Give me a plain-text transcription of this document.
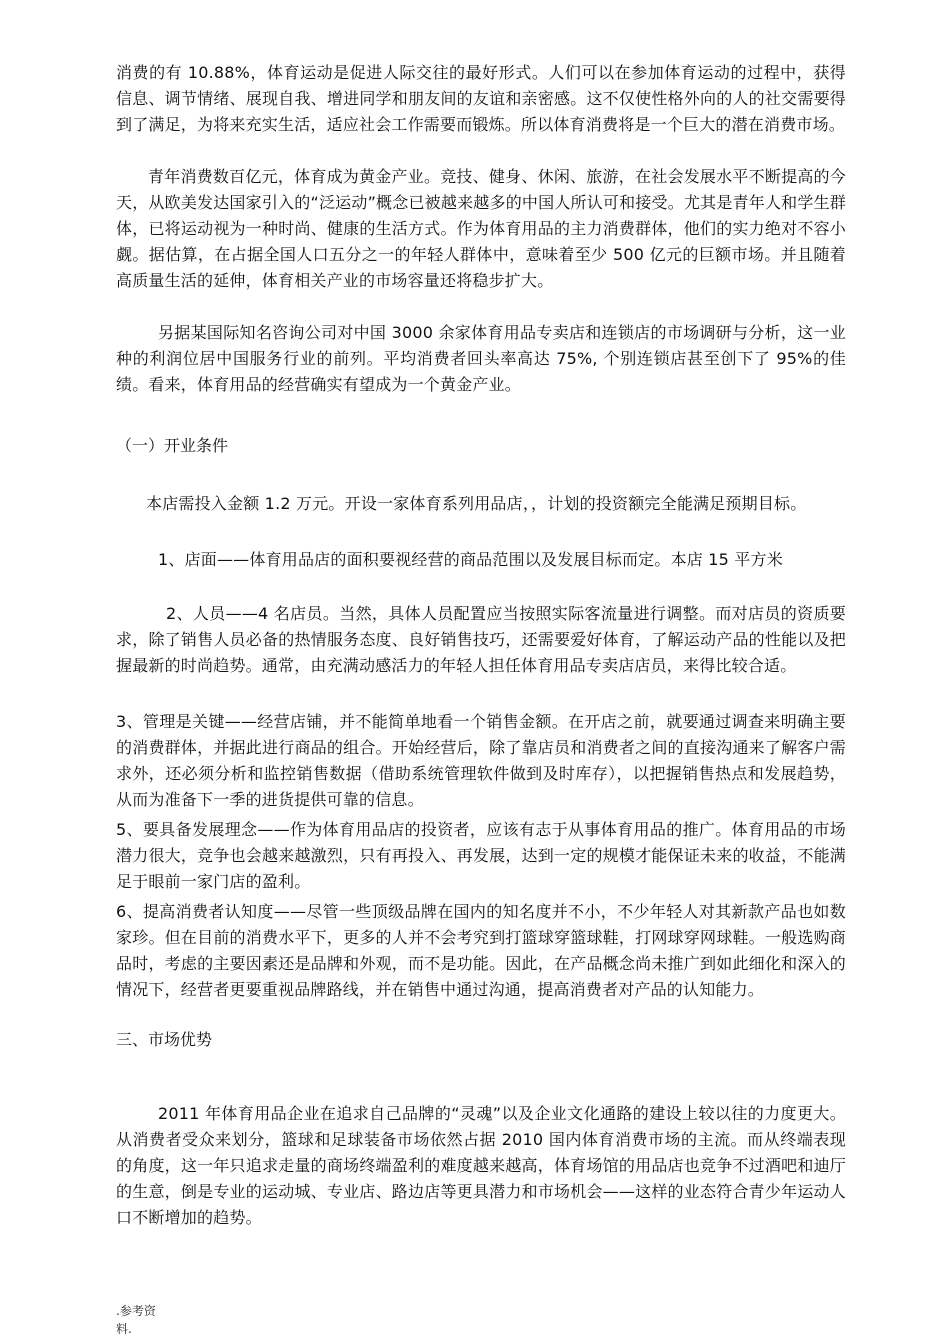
消费的有 10.88%，体育运动是促进人际交往的最好形式。人们可以在参加体育运动的过程中，获得信息、调节情绪、展现自我、增进同学和朋友间的友谊和亲密感。这不仅使性格外向的人的社交需要得到了满足，为将来充实生活，适应社会工作需要而锻炼。所以体育消费将是一个巨大的潜在消费市场。

青年消费数百亿元，体育成为黄金产业。竞技、健身、休闲、旅游，在社会发展水平不断提高的今天，从欧美发达国家引入的“泛运动”概念已被越来越多的中国人所认可和接受。尤其是青年人和学生群体，已将运动视为一种时尚、健康的生活方式。作为体育用品的主力消费群体，他们的实力绝对不容小觑。据估算，在占据全国人口五分之一的年轻人群体中，意味着至少 500 亿元的巨额市场。并且随着高质量生活的延伸，体育相关产业的市场容量还将稳步扩大。

另据某国际知名咨询公司对中国 3000 余家体育用品专卖店和连锁店的市场调研与分析，这一业种的利润位居中国服务行业的前列。平均消费者回头率高达 75%, 个别连锁店甚至创下了 95%的佳绩。看来，体育用品的经营确实有望成为一个黄金产业。

（一）开业条件

本店需投入金额 1.2 万元。开设一家体育系列用品店，，计划的投资额完全能满足预期目标。

1、店面——体育用品店的面积要视经营的商品范围以及发展目标而定。本店 15 平方米

2、人员——4 名店员。当然，具体人员配置应当按照实际客流量进行调整。而对店员的资质要求，除了销售人员必备的热情服务态度、良好销售技巧，还需要爱好体育，了解运动产品的性能以及把握最新的时尚趋势。通常，由充满动感活力的年轻人担任体育用品专卖店店员，来得比较合适。

3、管理是关键——经营店铺，并不能简单地看一个销售金额。在开店之前，就要通过调查来明确主要的消费群体，并据此进行商品的组合。开始经营后，除了靠店员和消费者之间的直接沟通来了解客户需求外，还必须分析和监控销售数据（借助系统管理软件做到及时库存），以把握销售热点和发展趋势，从而为准备下一季的进货提供可靠的信息。

5、要具备发展理念——作为体育用品店的投资者，应该有志于从事体育用品的推广。体育用品的市场潜力很大，竞争也会越来越激烈，只有再投入、再发展，达到一定的规模才能保证未来的收益，不能满足于眼前一家门店的盈利。

6、提高消费者认知度——尽管一些顶级品牌在国内的知名度并不小，不少年轻人对其新款产品也如数家珍。但在目前的消费水平下，更多的人并不会考究到打篮球穿篮球鞋，打网球穿网球鞋。一般选购商品时，考虑的主要因素还是品牌和外观，而不是功能。因此，在产品概念尚未推广到如此细化和深入的情况下，经营者更要重视品牌路线，并在销售中通过沟通，提高消费者对产品的认知能力。

三、市场优势

2011 年体育用品企业在追求自己品牌的“灵魂”以及企业文化通路的建设上较以往的力度更大。从消费者受众来划分，篮球和足球装备市场依然占据 2010 国内体育消费市场的主流。而从终端表现的角度，这一年只追求走量的商场终端盈利的难度越来越高，体育场馆的用品店也竞争不过酒吧和迪厅的生意，倒是专业的运动城、专业店、路边店等更具潜力和市场机会——这样的业态符合青少年运动人口不断增加的趋势。

.参考资
料.
